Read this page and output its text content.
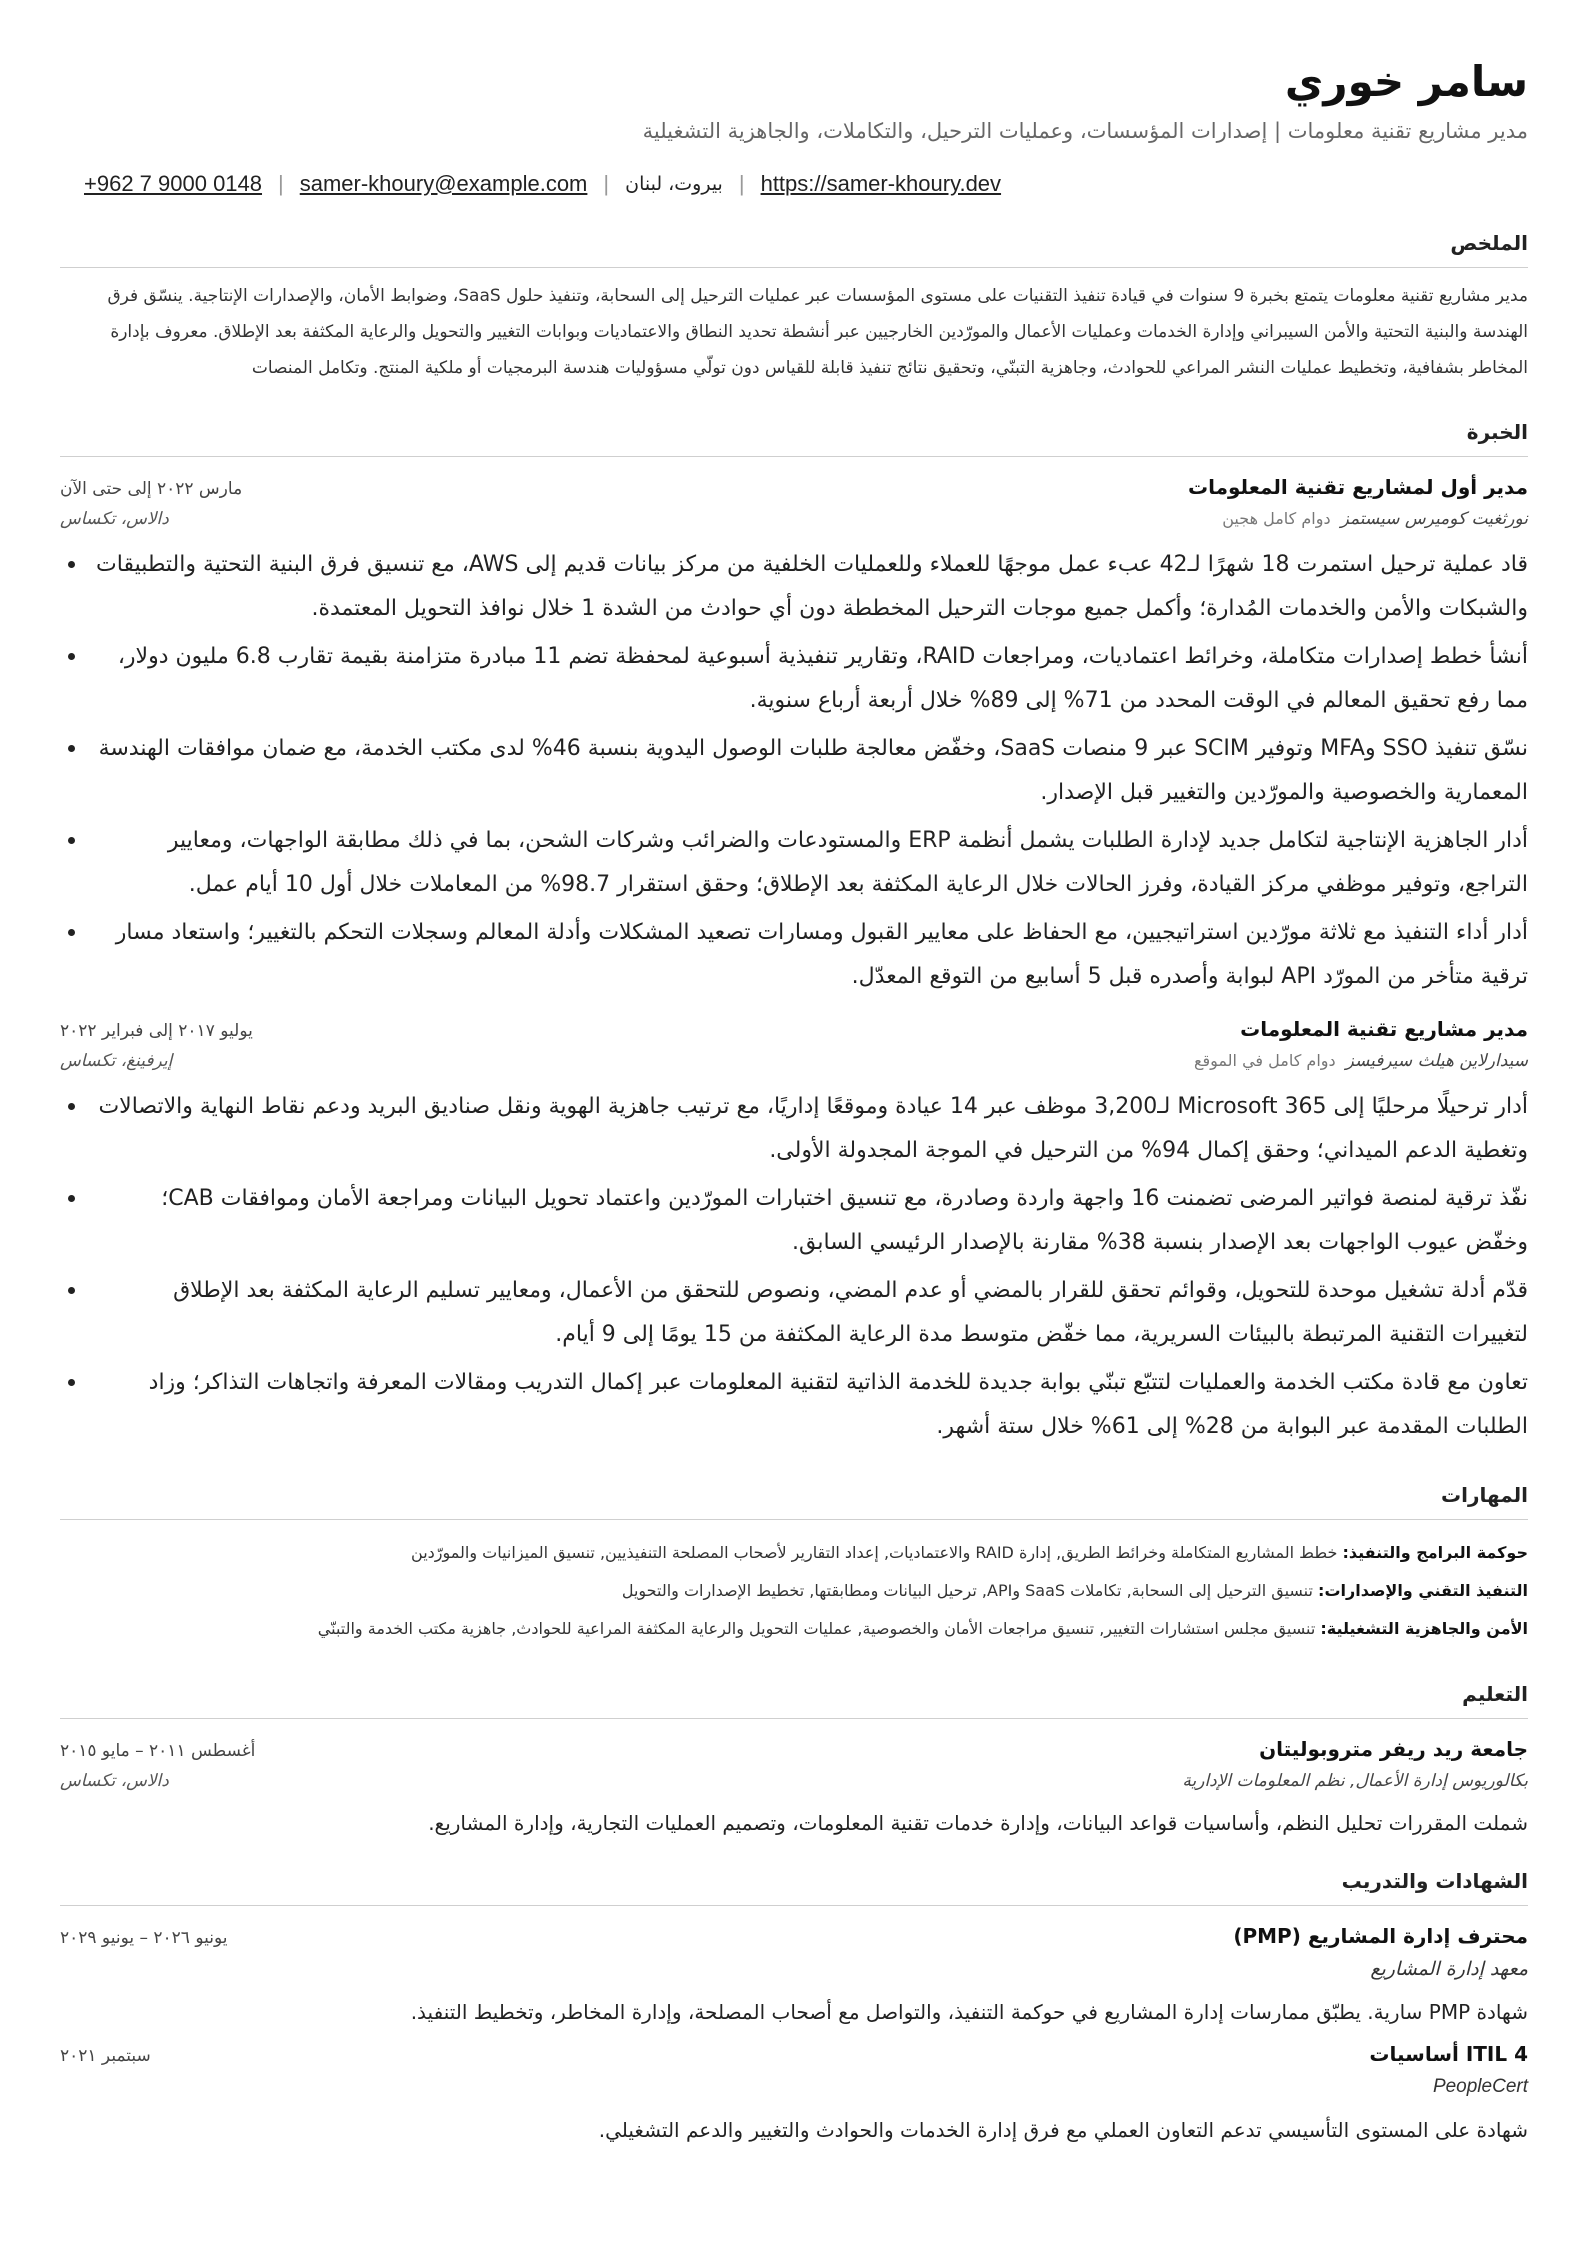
سامر خوري
مدير مشاريع تقنية معلومات | إصدارات المؤسسات، وعمليات الترحيل، والتكاملات، والجاهزية التشغيلية
+962 7 9000 0148 | samer-khoury@example.com | بيروت، لبنان | https://samer-khoury.dev
الملخص

مدير مشاريع تقنية معلومات يتمتع بخبرة 9 سنوات في قيادة تنفيذ التقنيات على مستوى المؤسسات عبر عمليات الترحيل إلى السحابة، وتنفيذ حلول SaaS، وضوابط الأمان، والإصدارات الإنتاجية. ينسّق فرق الهندسة والبنية التحتية والأمن السيبراني وإدارة الخدمات وعمليات الأعمال والمورّدين الخارجيين عبر أنشطة تحديد النطاق والاعتماديات وبوابات التغيير والتحويل والرعاية المكثفة بعد الإطلاق. معروف بإدارة المخاطر بشفافية، وتخطيط عمليات النشر المراعي للحوادث، وجاهزية التبنّي، وتحقيق نتائج تنفيذ قابلة للقياس دون تولّي مسؤوليات هندسة البرمجيات أو ملكية المنتج. وتكامل المنصات

الخبرة
مدير أول لمشاريع تقنية المعلومات
مارس ٢٠٢٢ إلى حتى الآن
نورثغيت كوميرس سيستمزدوام كامل هجين
دالاس، تكساس
قاد عملية ترحيل استمرت 18 شهرًا لـ42 عبء عمل موجهًا للعملاء وللعمليات الخلفية من مركز بيانات قديم إلى AWS، مع تنسيق فرق البنية التحتية والتطبيقات والشبكات والأمن والخدمات المُدارة؛ وأكمل جميع موجات الترحيل المخططة دون أي حوادث من الشدة 1 خلال نوافذ التحويل المعتمدة.
أنشأ خطط إصدارات متكاملة، وخرائط اعتماديات، ومراجعات RAID، وتقارير تنفيذية أسبوعية لمحفظة تضم 11 مبادرة متزامنة بقيمة تقارب 6.8 مليون دولار، مما رفع تحقيق المعالم في الوقت المحدد من 71% إلى 89% خلال أربعة أرباع سنوية.
نسّق تنفيذ SSO وMFA وتوفير SCIM عبر 9 منصات SaaS، وخفّض معالجة طلبات الوصول اليدوية بنسبة 46% لدى مكتب الخدمة، مع ضمان موافقات الهندسة المعمارية والخصوصية والمورّدين والتغيير قبل الإصدار.
أدار الجاهزية الإنتاجية لتكامل جديد لإدارة الطلبات يشمل أنظمة ERP والمستودعات والضرائب وشركات الشحن، بما في ذلك مطابقة الواجهات، ومعايير التراجع، وتوفير موظفي مركز القيادة، وفرز الحالات خلال الرعاية المكثفة بعد الإطلاق؛ وحقق استقرار 98.7% من المعاملات خلال أول 10 أيام عمل.
أدار أداء التنفيذ مع ثلاثة مورّدين استراتيجيين، مع الحفاظ على معايير القبول ومسارات تصعيد المشكلات وأدلة المعالم وسجلات التحكم بالتغيير؛ واستعاد مسار ترقية متأخر من المورّد API لبوابة وأصدره قبل 5 أسابيع من التوقع المعدّل.
مدير مشاريع تقنية المعلومات
يوليو ٢٠١٧ إلى فبراير ٢٠٢٢
سيدارلاين هيلث سيرفيسزدوام كامل في الموقع
إيرفينغ، تكساس
أدار ترحيلًا مرحليًا إلى Microsoft 365 لـ3,200 موظف عبر 14 عيادة وموقعًا إداريًا، مع ترتيب جاهزية الهوية ونقل صناديق البريد ودعم نقاط النهاية والاتصالات وتغطية الدعم الميداني؛ وحقق إكمال 94% من الترحيل في الموجة المجدولة الأولى.
نفّذ ترقية لمنصة فواتير المرضى تضمنت 16 واجهة واردة وصادرة، مع تنسيق اختبارات المورّدين واعتماد تحويل البيانات ومراجعة الأمان وموافقات CAB؛ وخفّض عيوب الواجهات بعد الإصدار بنسبة 38% مقارنة بالإصدار الرئيسي السابق.
قدّم أدلة تشغيل موحدة للتحويل، وقوائم تحقق للقرار بالمضي أو عدم المضي، ونصوص للتحقق من الأعمال، ومعايير تسليم الرعاية المكثفة بعد الإطلاق لتغييرات التقنية المرتبطة بالبيئات السريرية، مما خفّض متوسط مدة الرعاية المكثفة من 15 يومًا إلى 9 أيام.
تعاون مع قادة مكتب الخدمة والعمليات لتتبّع تبنّي بوابة جديدة للخدمة الذاتية لتقنية المعلومات عبر إكمال التدريب ومقالات المعرفة واتجاهات التذاكر؛ وزاد الطلبات المقدمة عبر البوابة من 28% إلى 61% خلال ستة أشهر.
المهارات
حوكمة البرامج والتنفيذ: خطط المشاريع المتكاملة وخرائط الطريق, إدارة RAID والاعتماديات, إعداد التقارير لأصحاب المصلحة التنفيذيين, تنسيق الميزانيات والمورّدين
التنفيذ التقني والإصدارات: تنسيق الترحيل إلى السحابة, تكاملات SaaS وAPI, ترحيل البيانات ومطابقتها, تخطيط الإصدارات والتحويل
الأمن والجاهزية التشغيلية: تنسيق مجلس استشارات التغيير, تنسيق مراجعات الأمان والخصوصية, عمليات التحويل والرعاية المكثفة المراعية للحوادث, جاهزية مكتب الخدمة والتبنّي
التعليم
جامعة ريد ريفر متروبوليتان
أغسطس ٢٠١١ – مايو ٢٠١٥
بكالوريوس إدارة الأعمال, نظم المعلومات الإدارية
دالاس، تكساس

شملت المقررات تحليل النظم، وأساسيات قواعد البيانات، وإدارة خدمات تقنية المعلومات، وتصميم العمليات التجارية، وإدارة المشاريع.

الشهادات والتدريب
محترف إدارة المشاريع (PMP)
يونيو ٢٠٢٦ – يونيو ٢٠٢٩
معهد إدارة المشاريع

شهادة PMP سارية. يطبّق ممارسات إدارة المشاريع في حوكمة التنفيذ، والتواصل مع أصحاب المصلحة، وإدارة المخاطر، وتخطيط التنفيذ.

ITIL 4 أساسيات
سبتمبر ٢٠٢١
PeopleCert

شهادة على المستوى التأسيسي تدعم التعاون العملي مع فرق إدارة الخدمات والحوادث والتغيير والدعم التشغيلي.
